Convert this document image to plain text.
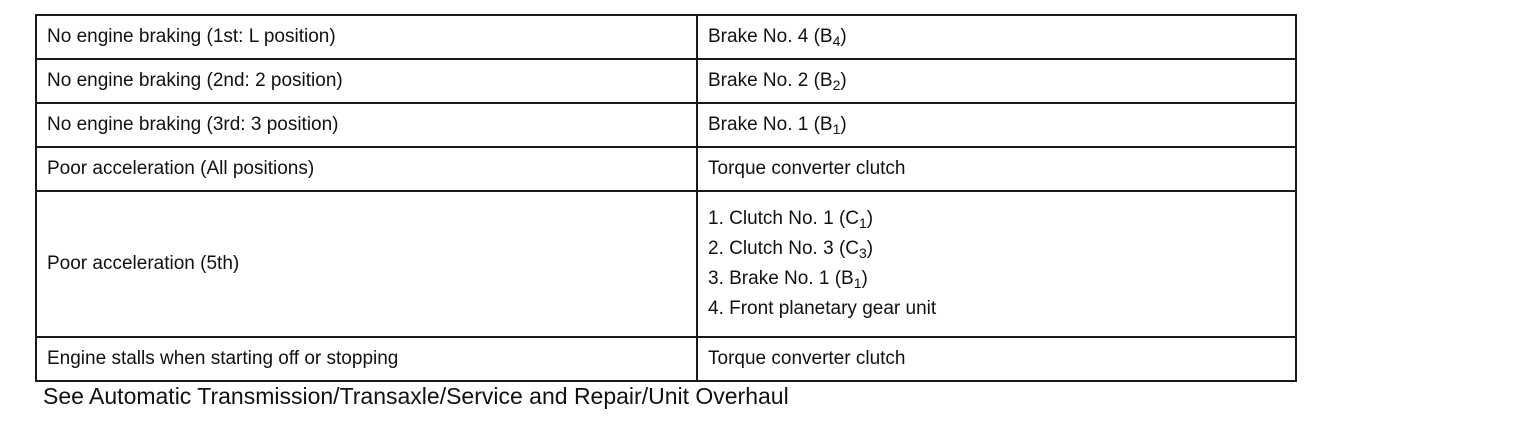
No engine braking (1st: L position)	Brake No. 4 $(B_4)$
No engine braking (2nd: 2 position)	Brake No. 2 $(B_2)$
No engine braking (3rd: 3 position)	Brake No. 1 $(B_1)$
Poor acceleration (All positions)	Torque converter clutch
Poor acceleration (5th)	1. Clutch No. 1 $(C_1)$
2. Clutch No. 3 $(C_3)$
3. Brake No. 1 $(B_1)$
4. Front planetary gear unit

Engine stalls when starting off or stopping	Torque converter clutch

See Automatic Transmission/Transaxle/Service and Repair/Unit Overhaul
